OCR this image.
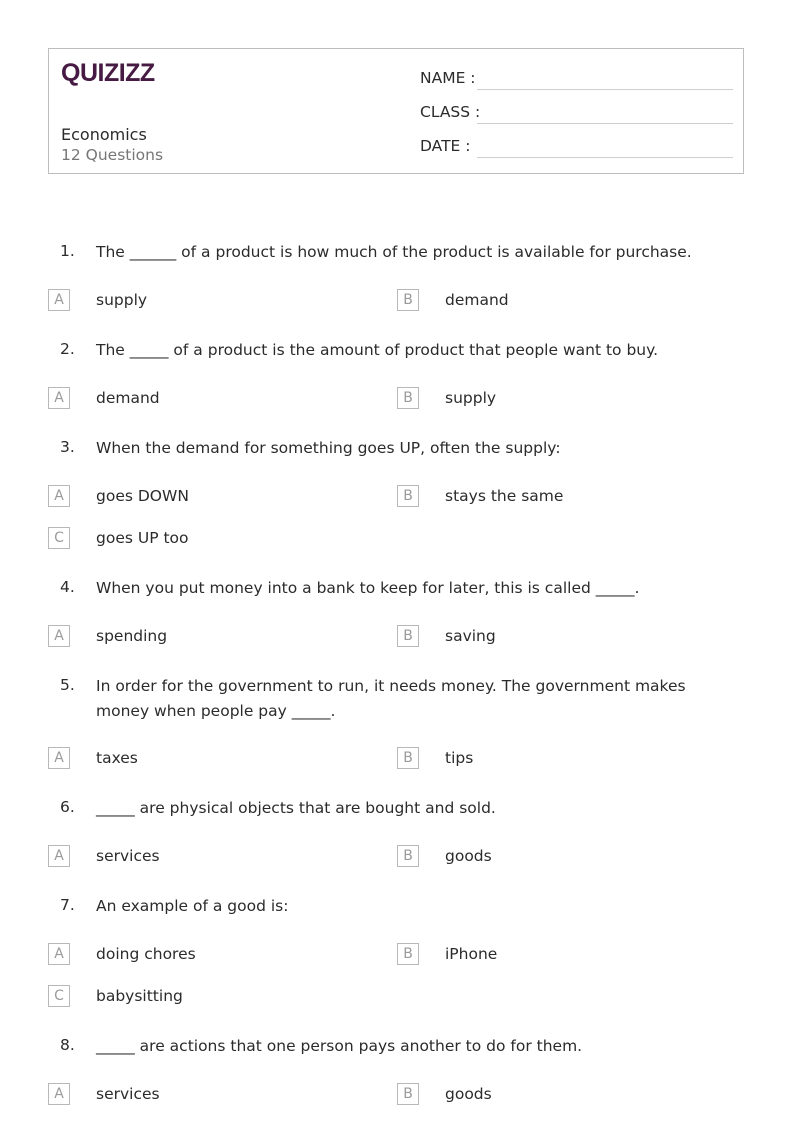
QUIZIZZ
Economics
12 Questions
NAME :
CLASS :
DATE :
1. The ______ of a product is how much of the product is available for purchase.
A	supply	B	demand
2. The _____ of a product is the amount of product that people want to buy.
A	demand	B	supply
3. When the demand for something goes UP, often the supply:
A	goes DOWN	B	stays the same
C	goes UP too
4. When you put money into a bank to keep for later, this is called _____.
A	spending	B	saving
5. In order for the government to run, it needs money. The government makes money when people pay _____.
A	taxes	B	tips
6. _____ are physical objects that are bought and sold.
A	services	B	goods
7. An example of a good is:
A	doing chores	B	iPhone
C	babysitting
8. _____ are actions that one person pays another to do for them.
A	services	B	goods
